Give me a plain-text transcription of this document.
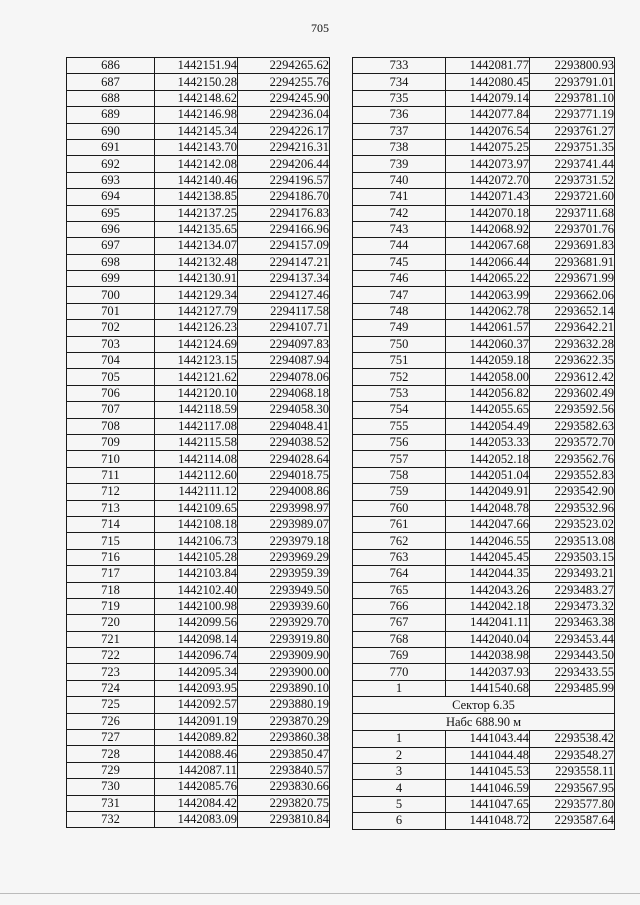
705
686	1442151.94	2294265.62
687	1442150.28	2294255.76
688	1442148.62	2294245.90
689	1442146.98	2294236.04
690	1442145.34	2294226.17
691	1442143.70	2294216.31
692	1442142.08	2294206.44
693	1442140.46	2294196.57
694	1442138.85	2294186.70
695	1442137.25	2294176.83
696	1442135.65	2294166.96
697	1442134.07	2294157.09
698	1442132.48	2294147.21
699	1442130.91	2294137.34
700	1442129.34	2294127.46
701	1442127.79	2294117.58
702	1442126.23	2294107.71
703	1442124.69	2294097.83
704	1442123.15	2294087.94
705	1442121.62	2294078.06
706	1442120.10	2294068.18
707	1442118.59	2294058.30
708	1442117.08	2294048.41
709	1442115.58	2294038.52
710	1442114.08	2294028.64
711	1442112.60	2294018.75
712	1442111.12	2294008.86
713	1442109.65	2293998.97
714	1442108.18	2293989.07
715	1442106.73	2293979.18
716	1442105.28	2293969.29
717	1442103.84	2293959.39
718	1442102.40	2293949.50
719	1442100.98	2293939.60
720	1442099.56	2293929.70
721	1442098.14	2293919.80
722	1442096.74	2293909.90
723	1442095.34	2293900.00
724	1442093.95	2293890.10
725	1442092.57	2293880.19
726	1442091.19	2293870.29
727	1442089.82	2293860.38
728	1442088.46	2293850.47
729	1442087.11	2293840.57
730	1442085.76	2293830.66
731	1442084.42	2293820.75
732	1442083.09	2293810.84
733	1442081.77	2293800.93
734	1442080.45	2293791.01
735	1442079.14	2293781.10
736	1442077.84	2293771.19
737	1442076.54	2293761.27
738	1442075.25	2293751.35
739	1442073.97	2293741.44
740	1442072.70	2293731.52
741	1442071.43	2293721.60
742	1442070.18	2293711.68
743	1442068.92	2293701.76
744	1442067.68	2293691.83
745	1442066.44	2293681.91
746	1442065.22	2293671.99
747	1442063.99	2293662.06
748	1442062.78	2293652.14
749	1442061.57	2293642.21
750	1442060.37	2293632.28
751	1442059.18	2293622.35
752	1442058.00	2293612.42
753	1442056.82	2293602.49
754	1442055.65	2293592.56
755	1442054.49	2293582.63
756	1442053.33	2293572.70
757	1442052.18	2293562.76
758	1442051.04	2293552.83
759	1442049.91	2293542.90
760	1442048.78	2293532.96
761	1442047.66	2293523.02
762	1442046.55	2293513.08
763	1442045.45	2293503.15
764	1442044.35	2293493.21
765	1442043.26	2293483.27
766	1442042.18	2293473.32
767	1442041.11	2293463.38
768	1442040.04	2293453.44
769	1442038.98	2293443.50
770	1442037.93	2293433.55
1	1441540.68	2293485.99
Сектор 6.35		
Набс 688.90 м		
1	1441043.44	2293538.42
2	1441044.48	2293548.27
3	1441045.53	2293558.11
4	1441046.59	2293567.95
5	1441047.65	2293577.80
6	1441048.72	2293587.64
